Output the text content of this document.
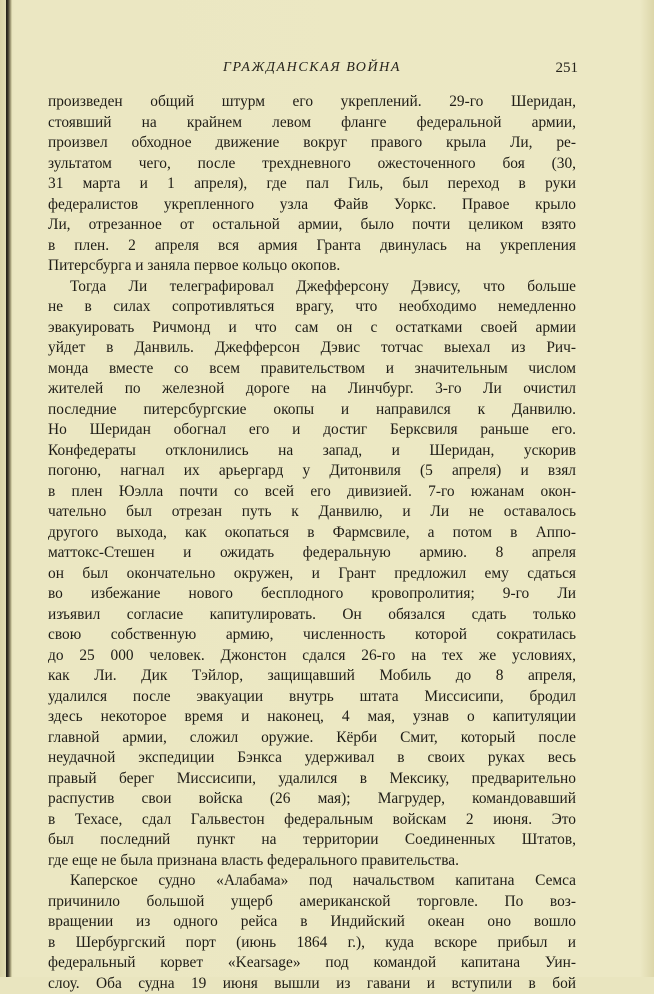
ГРАЖДАНСКАЯ ВОЙНА	251
произведен общий штурм его укреплений. 29-го Шеридан,
стоявший на крайнем левом фланге федеральной армии,
произвел обходное движение вокруг правого крыла Ли, ре-
зультатом чего, после трехдневного ожесточенного боя (30,
31 марта и 1 апреля), где пал Гиль, был переход в руки
федералистов укрепленного узла Файв Уоркс. Правое крыло
Ли, отрезанное от остальной армии, было почти целиком взято
в плен. 2 апреля вся армия Гранта двинулась на укрепления
Питерсбурга и заняла первое кольцо окопов.
Тогда Ли телеграфировал Джефферсону Дэвису, что больше
не в силах сопротивляться врагу, что необходимо немедленно
эвакуировать Ричмонд и что сам он с остатками своей армии
уйдет в Данвиль. Джефферсон Дэвис тотчас выехал из Рич-
монда вместе со всем правительством и значительным числом
жителей по железной дороге на Линчбург. 3-го Ли очистил
последние питерсбургские окопы и направился к Данвилю.
Но Шеридан обогнал его и достиг Берксвиля раньше его.
Конфедераты отклонились на запад, и Шеридан, ускорив
погоню, нагнал их арьергард у Дитонвиля (5 апреля) и взял
в плен Юэлла почти со всей его дивизией. 7-го южанам окон-
чательно был отрезан путь к Данвилю, и Ли не оставалось
другого выхода, как окопаться в Фармсвиле, а потом в Аппо-
маттокс-Стешен и ожидать федеральную армию. 8 апреля
он был окончательно окружен, и Грант предложил ему сдаться
во избежание нового бесплодного кровопролития; 9-го Ли
изъявил согласие капитулировать. Он обязался сдать только
свою собственную армию, численность которой сократилась
до 25 000 человек. Джонстон сдался 26-го на тех же условиях,
как Ли. Дик Тэйлор, защищавший Мобиль до 8 апреля,
удалился после эвакуации внутрь штата Миссисипи, бродил
здесь некоторое время и наконец, 4 мая, узнав о капитуляции
главной армии, сложил оружие. Кёрби Смит, который после
неудачной экспедиции Бэнкса удерживал в своих руках весь
правый берег Миссисипи, удалился в Мексику, предварительно
распустив свои войска (26 мая); Магрудер, командовавший
в Техасе, сдал Гальвестон федеральным войскам 2 июня. Это
был последний пункт на территории Соединенных Штатов,
где еще не была признана власть федерального правительства.
Каперское судно «Алабама» под начальством капитана Семса
причинило большой ущерб американской торговле. По воз-
вращении из одного рейса в Индийский океан оно вошло
в Шербургский порт (июнь 1864 г.), куда вскоре прибыл и
федеральный корвет «Kearsage» под командой капитана Уин-
слоу. Оба судна 19 июня вышли из гавани и вступили в бой
